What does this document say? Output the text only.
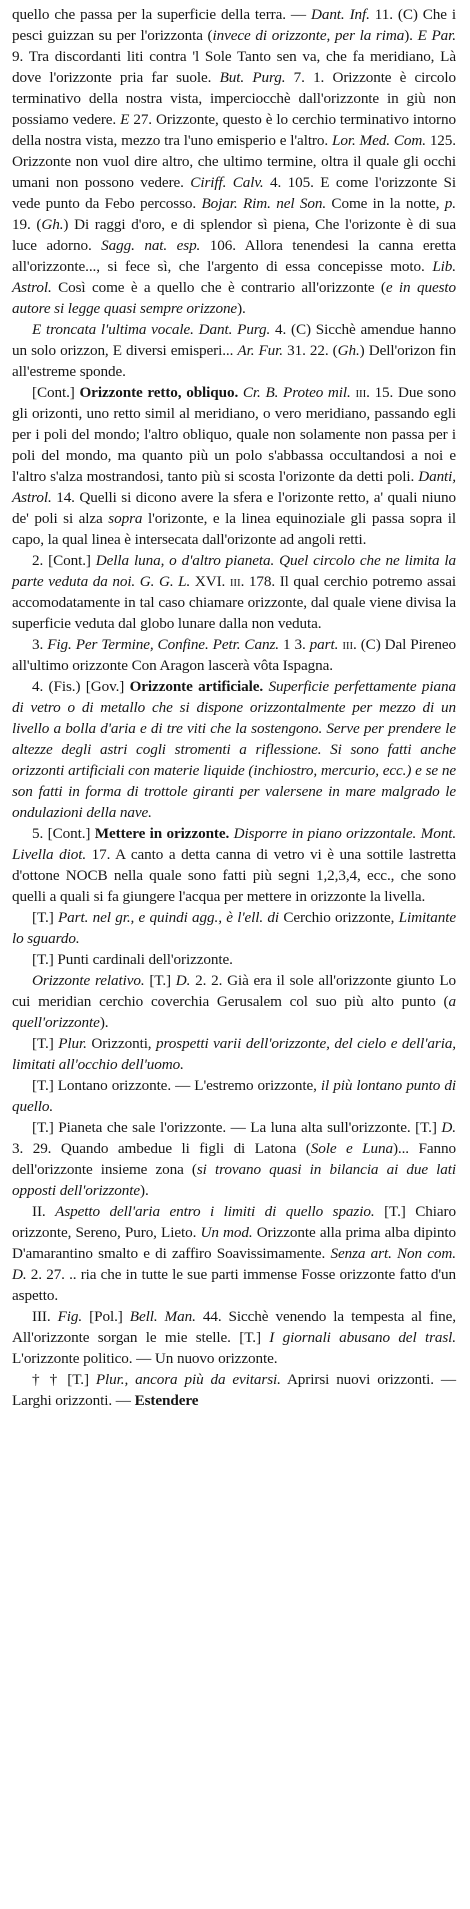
quello che passa per la superficie della terra. — Dant. Inf. 11. (C) Che i pesci guizzan su per l'orizzonta (invece di orizzonte, per la rima). E Par. 9. Tra discordanti liti contra 'l Sole Tanto sen va, che fa meridiano, Là dove l'orizzonte pria far suole. But. Purg. 7. 1. Orizzonte è circolo terminativo della nostra vista, imperciocchè dall'orizzonte in giù non possiamo vedere. E 27. Orizzonte, questo è lo cerchio terminativo intorno della nostra vista, mezzo tra l'uno emisperio e l'altro. Lor. Med. Com. 125. Orizzonte non vuol dire altro, che ultimo termine, oltra il quale gli occhi umani non possono vedere. Ciriff. Calv. 4. 105. E come l'orizzonte Si vede punto da Febo percosso. Bojar. Rim. nel Son. Come in la notte, p. 19. (Gh.) Di raggi d'oro, e di splendor sì piena, Che l'orizonte è di sua luce adorno. Sagg. nat. esp. 106. Allora tenendesi la canna eretta all'orizzonte..., si fece sì, che l'argento di essa concepisse moto. Lib. Astrol. Così come è a quello che è contrario all'orizzonte (e in questo autore si legge quasi sempre orizzone).

E troncata l'ultima vocale. Dant. Purg. 4. (C) Sicchè amendue hanno un solo orizzon, E diversi emisperi... Ar. Fur. 31. 22. (Gh.) Dell'orizon fin all'estreme sponde.

[Cont.] Orizzonte retto, obliquo. Cr. B. Proteo mil. iii. 15. Due sono gli orizonti, uno retto simil al meridiano, o vero meridiano, passando egli per i poli del mondo; l'altro obliquo, quale non solamente non passa per i poli del mondo, ma quanto più un polo s'abbassa occultandosi a noi e l'altro s'alza mostrandosi, tanto più si scosta l'orizonte da detti poli. Danti, Astrol. 14. Quelli si dicono avere la sfera e l'orizonte retto, a' quali niuno de' poli si alza sopra l'orizonte, e la linea equinoziale gli passa sopra il capo, la qual linea è intersecata dall'orizonte ad angoli retti.

2. [Cont.] Della luna, o d'altro pianeta. Quel circolo che ne limita la parte veduta da noi. G. G. L. XVI. iii. 178. Il qual cerchio potremo assai accomodatamente in tal caso chiamare orizzonte, dal quale viene divisa la superficie veduta dal globo lunare dalla non veduta.

3. Fig. Per Termine, Confine. Petr. Canz. 1 3. part. iii. (C) Dal Pireneo all'ultimo orizzonte Con Aragon lascerà vôta Ispagna.

4. (Fis.) [Gov.] Orizzonte artificiale. Superficie perfettamente piana di vetro o di metallo che si dispone orizzontalmente per mezzo di un livello a bolla d'aria e di tre viti che la sostengono. Serve per prendere le altezze degli astri cogli stromenti a riflessione. Si sono fatti anche orizzonti artificiali con materie liquide (inchiostro, mercurio, ecc.) e se ne son fatti in forma di trottole giranti per valersene in mare malgrado le ondulazioni della nave.

5. [Cont.] Mettere in orizzonte. Disporre in piano orizzontale. Mont. Livella diot. 17. A canto a detta canna di vetro vi è una sottile lastretta d'ottone NOCB nella quale sono fatti più segni 1,2,3,4, ecc., che sono quelli a quali si fa giungere l'acqua per mettere in orizzonte la livella.

[T.] Part. nel gr., e quindi agg., è l'ell. di Cerchio orizzonte, Limitante lo sguardo.

[T.] Punti cardinali dell'orizzonte.

Orizzonte relativo. [T.] D. 2. 2. Già era il sole all'orizzonte giunto Lo cui meridian cerchio coverchia Gerusalem col suo più alto punto (a quell'orizzonte).

[T.] Plur. Orizzonti, prospetti varii dell'orizzonte, del cielo e dell'aria, limitati all'occhio dell'uomo.

[T.] Lontano orizzonte. — L'estremo orizzonte, il più lontano punto di quello.

[T.] Pianeta che sale l'orizzonte. — La luna alta sull'orizzonte. [T.] D. 3. 29. Quando ambedue li figli di Latona (Sole e Luna)... Fanno dell'orizzonte insieme zona (si trovano quasi in bilancia ai due lati opposti dell'orizzonte).

II. Aspetto dell'aria entro i limiti di quello spazio. [T.] Chiaro orizzonte, Sereno, Puro, Lieto. Un mod. Orizzonte alla prima alba dipinto D'amarantino smalto e di zaffiro Soavissimamente. Senza art. Non com. D. 2. 27. .. ria che in tutte le sue parti immense Fosse orizzonte fatto d'un aspetto.

III. Fig. [Pol.] Bell. Man. 44. Sicchè venendo la tempesta al fine, All'orizzonte sorgan le mie stelle. [T.] I giornali abusano del trasl. L'orizzonte politico. — Un nuovo orizzonte.

† † [T.] Plur., ancora più da evitarsi. Aprirsi nuovi orizzonti. — Larghi orizzonti. — Estendere
